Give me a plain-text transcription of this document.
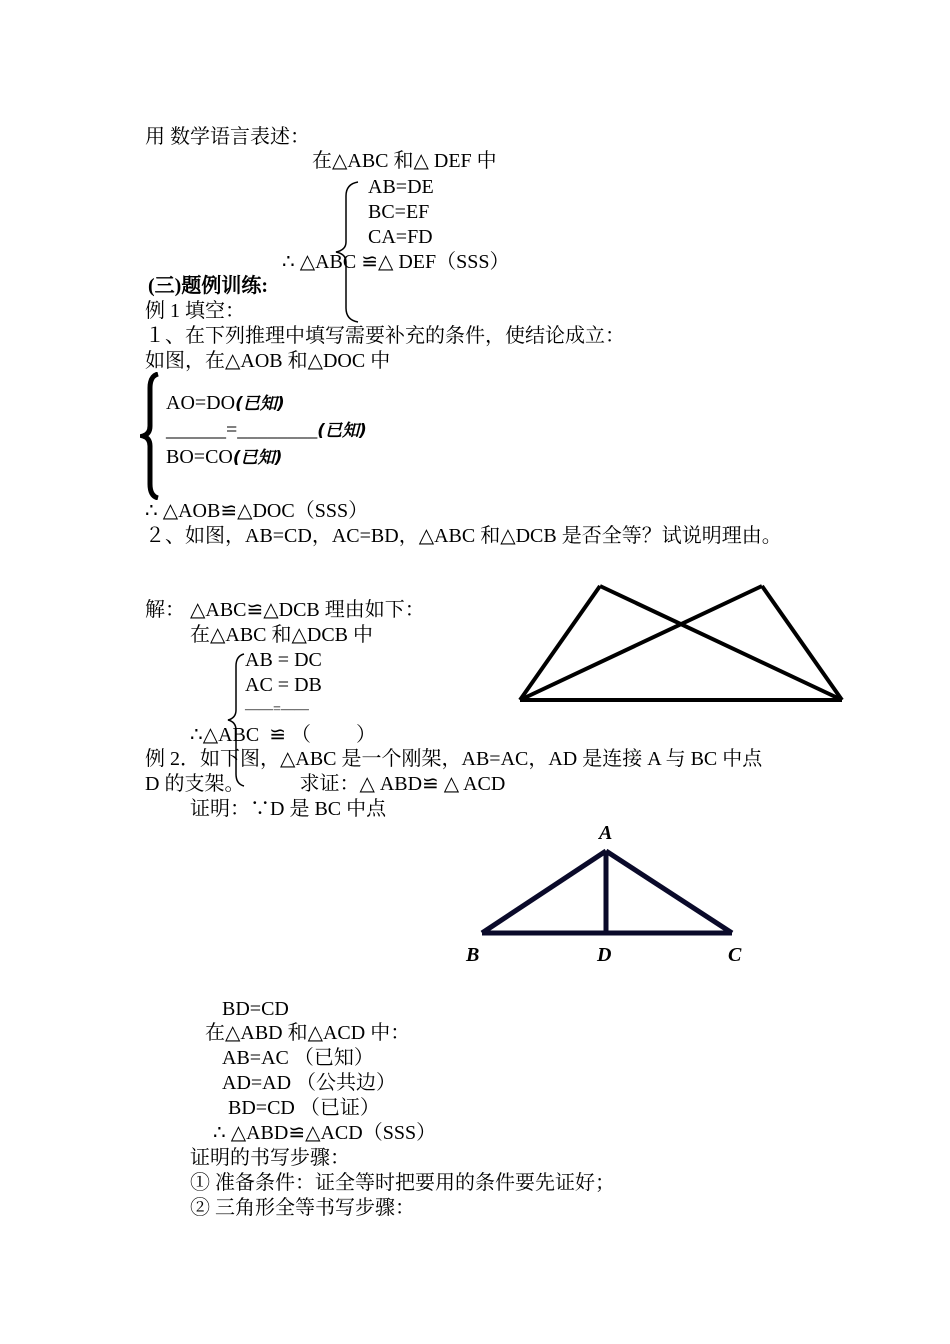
用 数学语言表述：
在△ABC 和△ DEF 中
AB=DE
BC=EF
CA=FD
∴ △ABC ≌△ DEF（SSS）
(三)题例训练:
例 1 填空：
１、在下列推理中填写需要补充的条件，使结论成立：
如图，在△AOB 和△DOC 中
AO=DO(已知)
______=________(已知)
BO=CO(已知)
∴ △AOB≌△DOC（SSS）
２、如图，AB=CD，AC=BD，△ABC 和△DCB 是否全等？试说明理由。
解： △ABC≌△DCB 理由如下：
在△ABC 和△DCB 中
AB = DC
AC = DB
——=——
∴△ABC  ≌ （         ）
例 2．如下图，△ABC 是一个刚架，AB=AC，AD 是连接 A 与 BC 中点
D 的支架。           求证：△ ABD≌ △ ACD
证明：∵D 是 BC 中点
A
B	D	C
BD=CD
在△ABD 和△ACD 中：
AB=AC （已知）
AD=AD （公共边）
BD=CD （已证）
∴ △ABD≌△ACD（SSS）
证明的书写步骤：
① 准备条件：证全等时把要用的条件要先证好；
② 三角形全等书写步骤：
